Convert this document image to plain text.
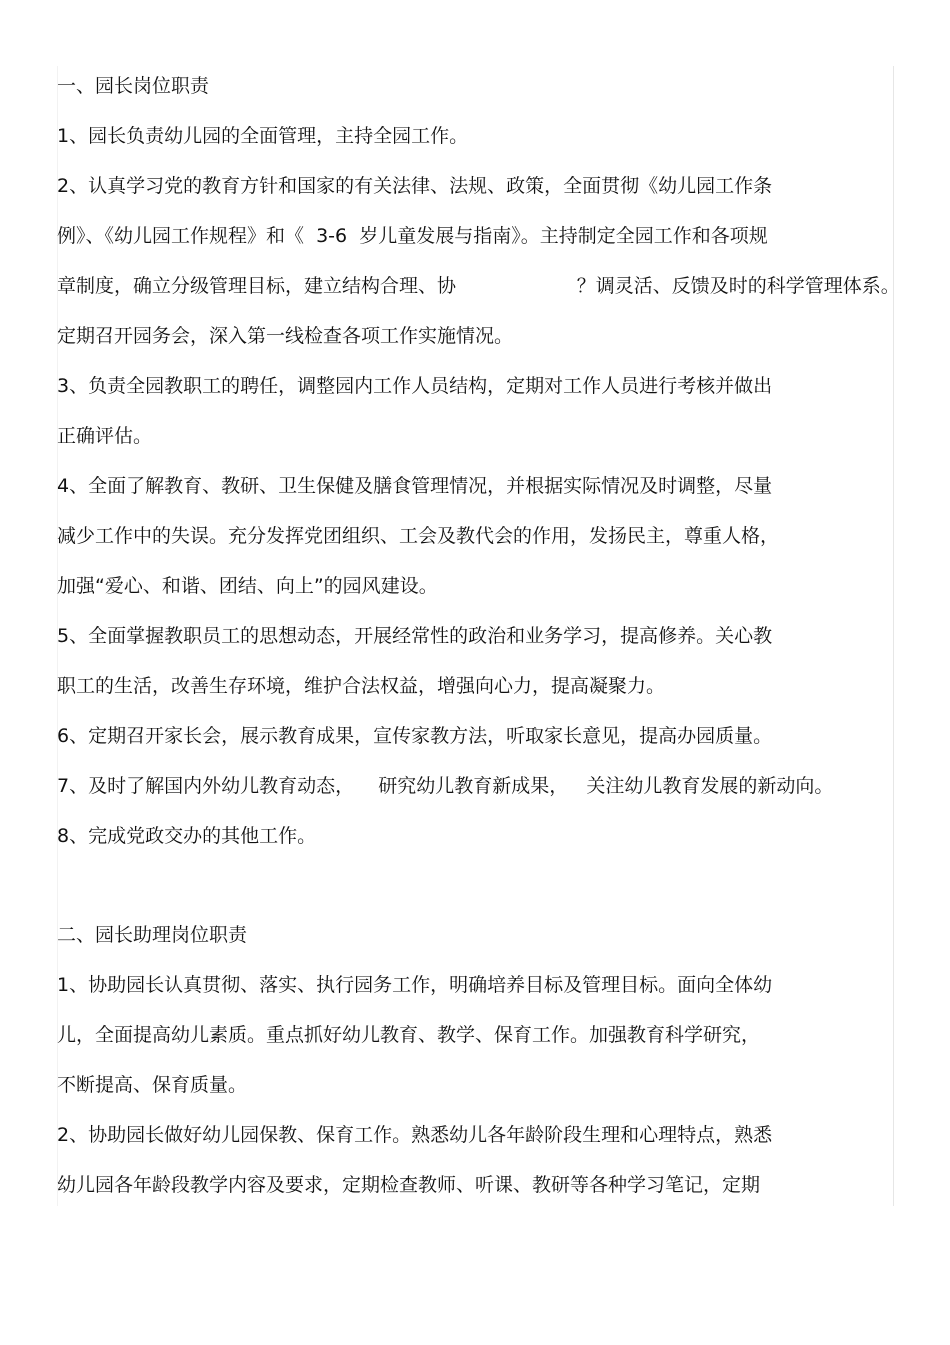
一、园长岗位职责
1、园长负责幼儿园的全面管理，主持全园工作。
2、认真学习党的教育方针和国家的有关法律、法规、政策，全面贯彻《幼儿园工作条
例》、《幼儿园工作规程》和《  3-6  岁儿童发展与指南》。主持制定全园工作和各项规
章制度，确立分级管理目标，建立结构合理、协                    ？调灵活、反馈及时的科学管理体系。
定期召开园务会，深入第一线检查各项工作实施情况。
3、负责全园教职工的聘任，调整园内工作人员结构，定期对工作人员进行考核并做出
正确评估。
4、全面了解教育、教研、卫生保健及膳食管理情况，并根据实际情况及时调整，尽量
减少工作中的失误。充分发挥党团组织、工会及教代会的作用，发扬民主，尊重人格，
加强“爱心、和谐、团结、向上”的园风建设。
5、全面掌握教职员工的思想动态，开展经常性的政治和业务学习，提高修养。关心教
职工的生活，改善生存环境，维护合法权益，增强向心力，提高凝聚力。
6、定期召开家长会，展示教育成果，宣传家教方法，听取家长意见，提高办园质量。
7、及时了解国内外幼儿教育动态，    研究幼儿教育新成果，   关注幼儿教育发展的新动向。
8、完成党政交办的其他工作。
二、园长助理岗位职责
1、协助园长认真贯彻、落实、执行园务工作，明确培养目标及管理目标。面向全体幼
儿，全面提高幼儿素质。重点抓好幼儿教育、教学、保育工作。加强教育科学研究，
不断提高、保育质量。
2、协助园长做好幼儿园保教、保育工作。熟悉幼儿各年龄阶段生理和心理特点，熟悉
幼儿园各年龄段教学内容及要求，定期检查教师、听课、教研等各种学习笔记，定期
